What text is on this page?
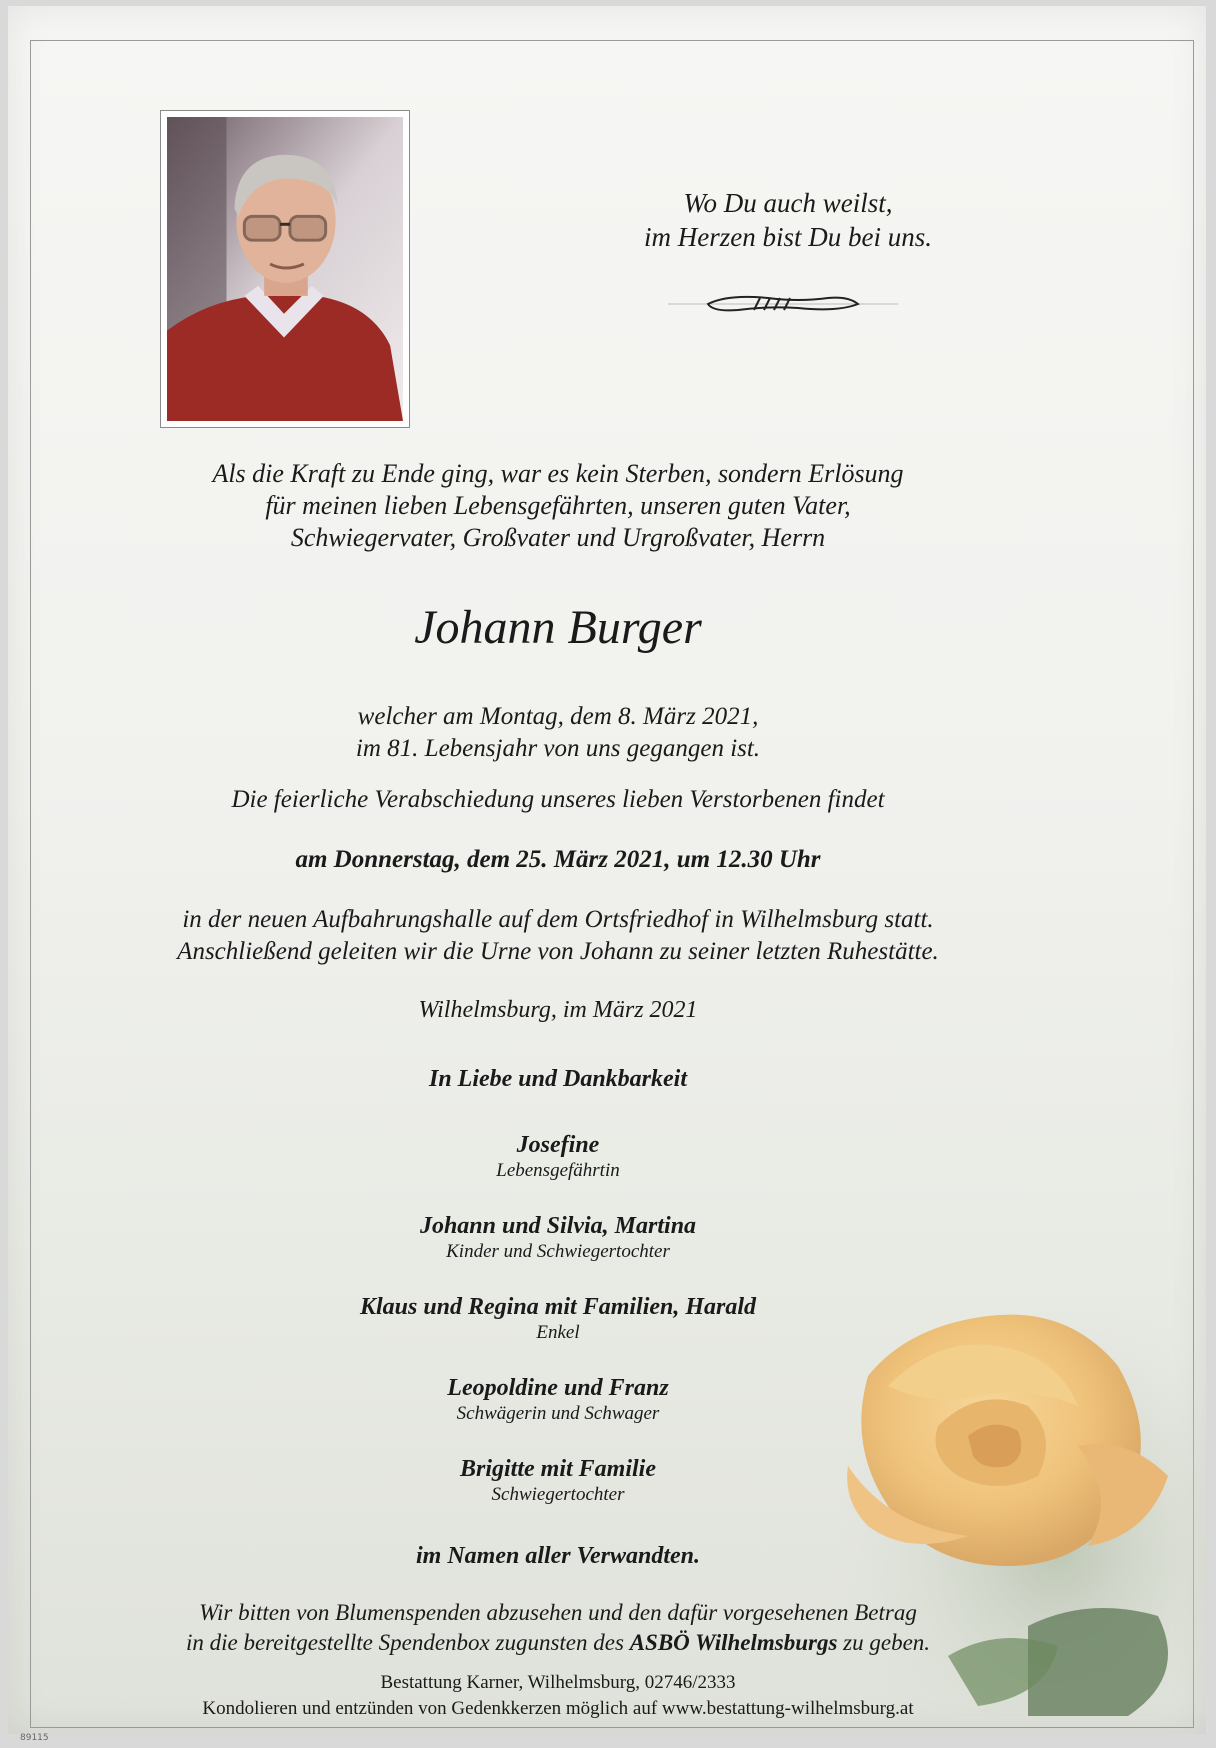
Wo Du auch weilst,
im Herzen bist Du bei uns.
Als die Kraft zu Ende ging, war es kein Sterben, sondern Erlösung
für meinen lieben Lebensgefährten, unseren guten Vater,
Schwiegervater, Großvater und Urgroßvater, Herrn
Johann Burger
welcher am Montag, dem 8. März 2021,
im 81. Lebensjahr von uns gegangen ist.
Die feierliche Verabschiedung unseres lieben Verstorbenen findet
am Donnerstag, dem 25. März 2021, um 12.30 Uhr
in der neuen Aufbahrungshalle auf dem Ortsfriedhof in Wilhelmsburg statt.
Anschließend geleiten wir die Urne von Johann zu seiner letzten Ruhestätte.
Wilhelmsburg, im März 2021
In Liebe und Dankbarkeit
Josefine
Lebensgefährtin
Johann und Silvia, Martina
Kinder und Schwiegertochter
Klaus und Regina mit Familien, Harald
Enkel
Leopoldine und Franz
Schwägerin und Schwager
Brigitte mit Familie
Schwiegertochter
im Namen aller Verwandten.
Wir bitten von Blumenspenden abzusehen und den dafür vorgesehenen Betrag
in die bereitgestellte Spendenbox zugunsten des ASBÖ Wilhelmsburgs zu geben.
Bestattung Karner, Wilhelmsburg, 02746/2333
Kondolieren und entzünden von Gedenkkerzen möglich auf www.bestattung-wilhelmsburg.at
89115
